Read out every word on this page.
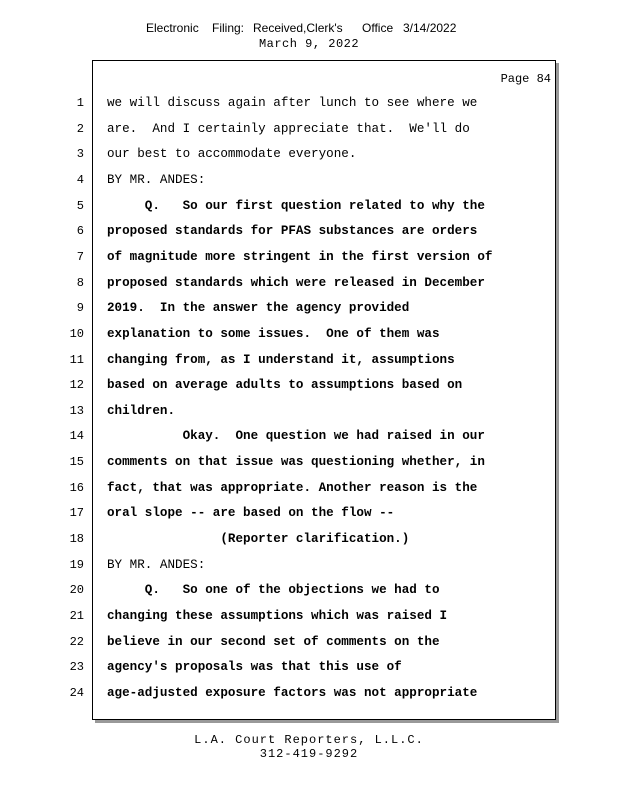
Electronic Filing: Received,Clerk's Office 3/14/2022
March 9, 2022
Page 84
1 we will discuss again after lunch to see where we
2 are.  And I certainly appreciate that.  We'll do
3 our best to accommodate everyone.
4 BY MR. ANDES:
5 Q.   So our first question related to why the
6 proposed standards for PFAS substances are orders
7 of magnitude more stringent in the first version of
8 proposed standards which were released in December
9 2019.  In the answer the agency provided
10 explanation to some issues.  One of them was
11 changing from, as I understand it, assumptions
12 based on average adults to assumptions based on
13 children.
14 Okay.  One question we had raised in our
15 comments on that issue was questioning whether, in
16 fact, that was appropriate. Another reason is the
17 oral slope -- are based on the flow --
18 (Reporter clarification.)
19 BY MR. ANDES:
20 Q.   So one of the objections we had to
21 changing these assumptions which was raised I
22 believe in our second set of comments on the
23 agency's proposals was that this use of
24 age-adjusted exposure factors was not appropriate
L.A. Court Reporters, L.L.C.
312-419-9292
